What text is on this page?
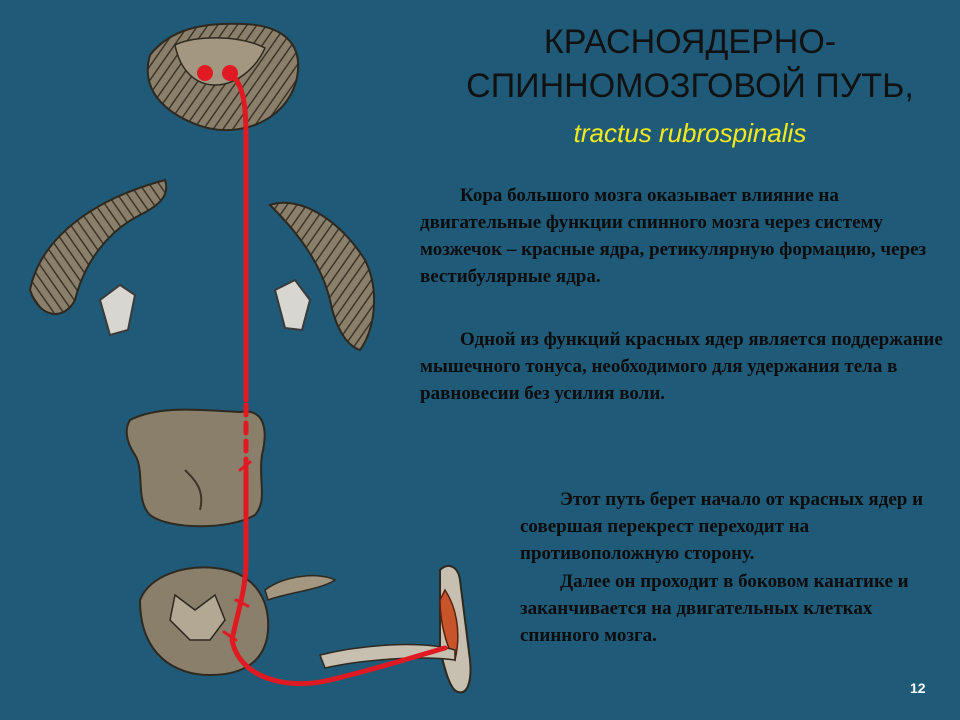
КРАСНОЯДЕРНО-
СПИННОМОЗГОВОЙ ПУТЬ,
tractus rubrospinalis
Кора большого мозга оказывает влияние на двигательные функции спинного мозга через систему мозжечок – красные ядра, ретикулярную формацию, через вестибулярные ядра.
Одной из функций красных ядер является поддержание мышечного тонуса, необходимого для удержания тела в равновесии без усилия воли.
Этот путь берет начало от красных ядер и совершая перекрест переходит на противоположную сторону.
Далее он проходит в боковом канатике и заканчивается на двигательных клетках спинного мозга.
12
